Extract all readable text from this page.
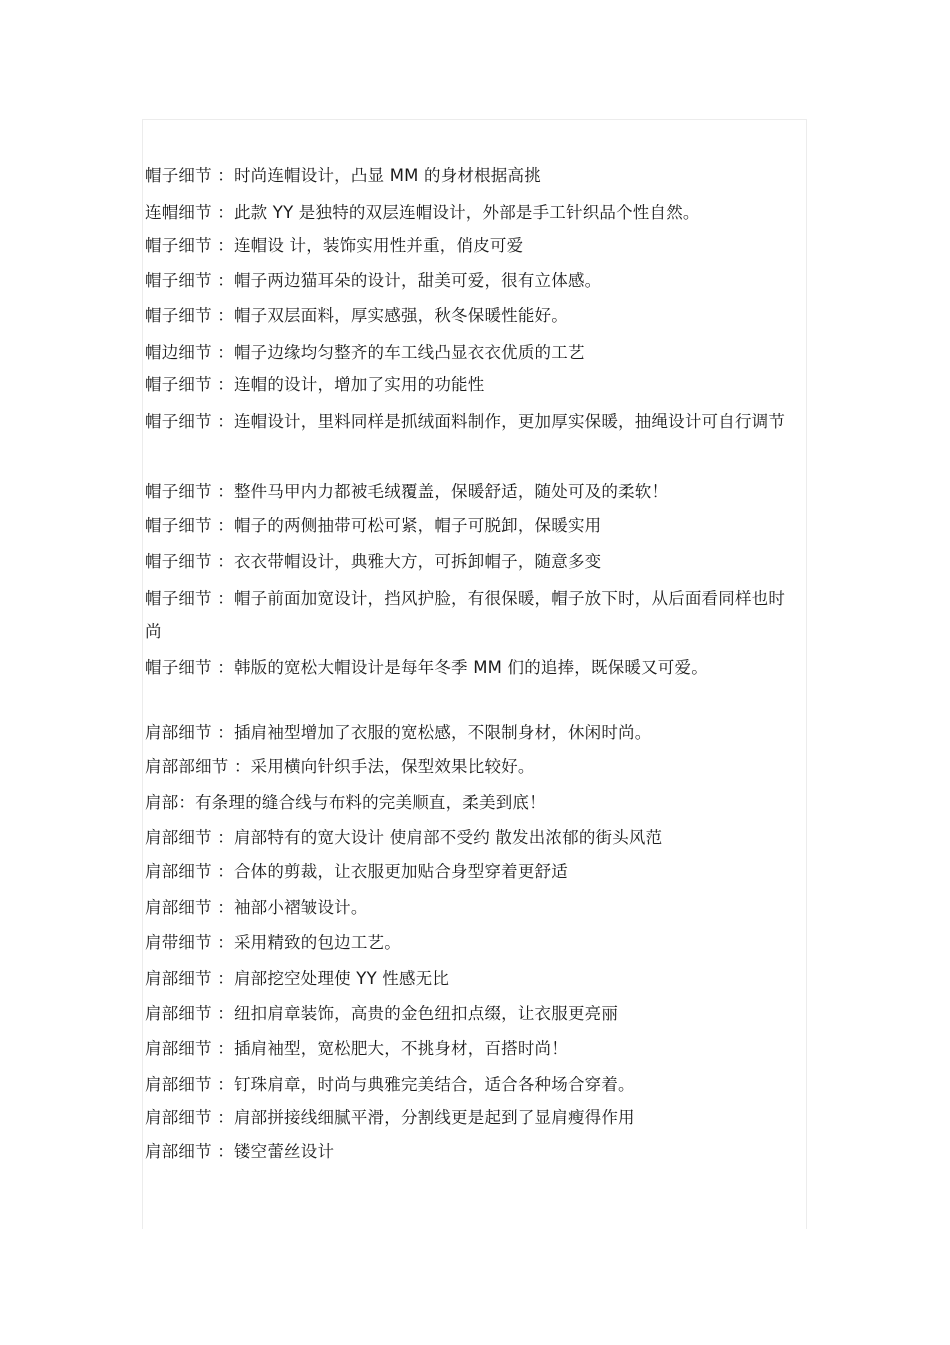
帽子细节 ：时尚连帽设计，凸显 MM 的身材根据高挑
连帽细节 ：此款 YY 是独特的双层连帽设计，外部是手工针织品个性自然。
帽子细节 ：连帽设 计，装饰实用性并重，俏皮可爱
帽子细节 ：帽子两边猫耳朵的设计，甜美可爱，很有立体感。
帽子细节 ：帽子双层面料，厚实感强，秋冬保暖性能好。
帽边细节 ：帽子边缘均匀整齐的车工线凸显衣衣优质的工艺
帽子细节 ：连帽的设计，增加了实用的功能性
帽子细节 ：连帽设计，里料同样是抓绒面料制作，更加厚实保暖，抽绳设计可自行调节
帽子细节 ：整件马甲内力都被毛绒覆盖，保暖舒适，随处可及的柔软！
帽子细节 ：帽子的两侧抽带可松可紧，帽子可脱卸，保暖实用
帽子细节 ：衣衣带帽设计，典雅大方，可拆卸帽子，随意多变
帽子细节 ：帽子前面加宽设计，挡风护脸，有很保暖，帽子放下时，从后面看同样也时尚
帽子细节 ：韩版的宽松大帽设计是每年冬季 MM 们的追捧，既保暖又可爱。
肩部细节 ：插肩袖型增加了衣服的宽松感，不限制身材，休闲时尚。
肩部部细节 ：采用横向针织手法，保型效果比较好。
肩部：有条理的缝合线与布料的完美顺直，柔美到底！
肩部细节 ：肩部特有的宽大设计 使肩部不受约 散发出浓郁的街头风范
肩部细节 ：合体的剪裁，让衣服更加贴合身型穿着更舒适
肩部细节 ：袖部小褶皱设计。
肩带细节 ：采用精致的包边工艺。
肩部细节 ：肩部挖空处理使 YY 性感无比
肩部细节 ：纽扣肩章装饰，高贵的金色纽扣点缀，让衣服更亮丽
肩部细节 ：插肩袖型，宽松肥大，不挑身材，百搭时尚！
肩部细节 ：钉珠肩章，时尚与典雅完美结合，适合各种场合穿着。
肩部细节 ：肩部拼接线细腻平滑，分割线更是起到了显肩瘦得作用
肩部细节 ：镂空蕾丝设计
